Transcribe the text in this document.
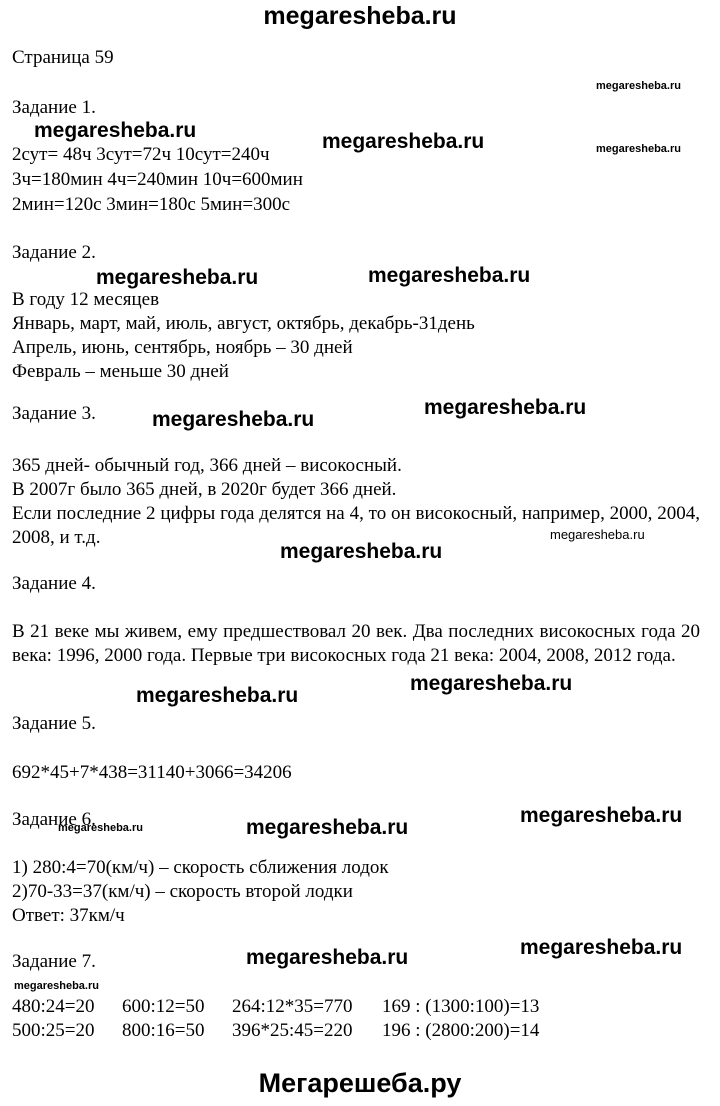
megaresheba.ru
Мегарешеба.ру
Страница 59
Задание 1.
2сут= 48ч 3сут=72ч 10сут=240ч
3ч=180мин 4ч=240мин 10ч=600мин
2мин=120с 3мин=180с 5мин=300с
Задание 2.
В году 12 месяцев
Январь, март, май, июль, август, октябрь, декабрь-31день
Апрель, июнь, сентябрь, ноябрь – 30 дней
Февраль – меньше 30 дней
Задание 3.
365 дней- обычный год, 366 дней – високосный.
В 2007г было 365 дней, в 2020г будет 366 дней.
Если последние 2 цифры года делятся на 4, то он високосный, например, 2000, 2004, 2008, и т.д.
Задание 4.
В 21 веке мы живем, ему предшествовал 20 век. Два последних високосных года 20 века: 1996, 2000 года. Первые три високосных года 21 века: 2004, 2008, 2012 года.
Задание 5.
692*45+7*438=31140+3066=34206
Задание 6.
1) 280:4=70(км/ч) – скорость сближения лодок
2)70-33=37(км/ч) – скорость второй лодки
Ответ: 37км/ч
Задание 7.
480:24=20 600:12=50 264:12*35=770 169 : (1300:100)=13
500:25=20 800:16=50 396*25:45=220 196 : (2800:200)=14
megaresheba.ru	megaresheba.ru
megaresheba.ru	megaresheba.ru
megaresheba.ru
megaresheba.ru
megaresheba.ru
megaresheba.ru
megaresheba.ru
megaresheba.ru
megaresheba.ru
megaresheba.ru	megaresheba.ru
megaresheba.ru
megaresheba.ru
megaresheba.ru
megaresheba.ru
megaresheba.ru
